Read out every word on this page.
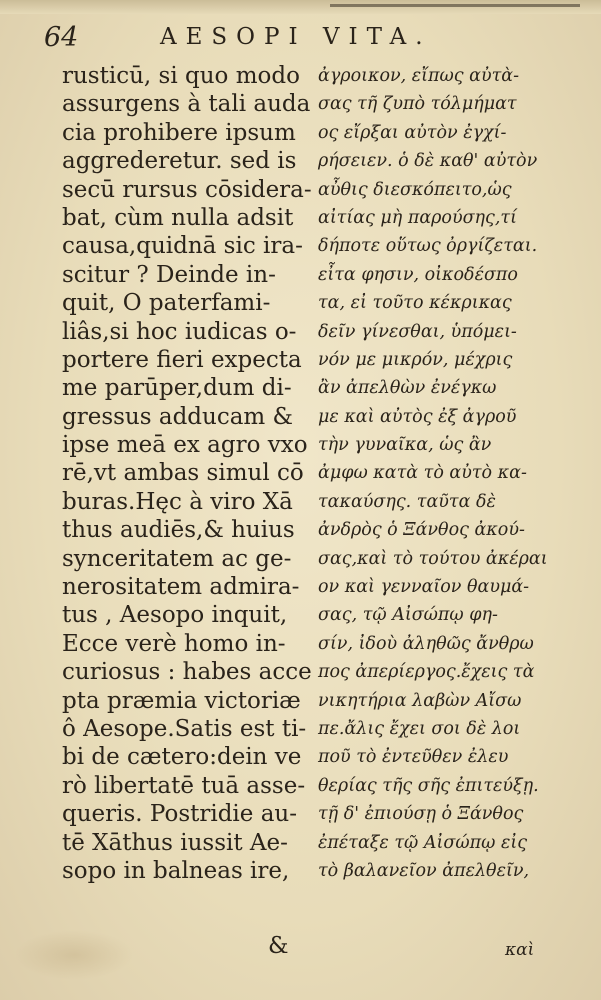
64	AESOPI VITA.
rusticū, si quo modo
assurgens à tali auda
cia prohibere ipsum
aggrederetur. sed is
secū rursus cōsidera-
bat, cùm nulla adsit
causa,quidnā sic ira-
scitur ? Deinde in-
quit, O paterfami-
liâs,si hoc iudicas o-
portere fieri expecta
me parūper,dum di-
gressus adducam &
ipse meā ex agro vxo
rē,vt ambas simul cō
buras.Hęc à viro Xā
thus audiēs,& huius
synceritatem ac ge-
nerositatem admira-
tus , Aesopo inquit,
Ecce verè homo in-
curiosus : habes acce
pta præmia victoriæ
ô Aesope.Satis est ti-
bi de cætero:dein ve
rò libertatē tuā asse-
queris. Postridie au-
tē Xāthus iussit Ae-
sopo in balneas ire,
ἀγροικον, εἴπως αὐτὰ-
σας τῆ ζυπὸ τόλμήματ
ος εἴρξαι αὐτὸν ἐγχί-
ρήσειεν. ὁ δὲ καθ' αὐτὸν
αὖθις διεσκόπειτο,ὡς
αἰτίας μὴ παρούσης,τί
δήποτε οὕτως ὀργίζεται.
εἶτα φησιν, οἰκοδέσπο
τα, εἰ τοῦτο κέκρικας
δεῖν γίνεσθαι, ὑπόμει-
νόν με μικρόν, μέχρις
ἂν ἀπελθὼν ἐνέγκω
με καὶ αὐτὸς ἐξ ἀγροῦ
τὴν γυναῖκα, ὡς ἂν
ἀμφω κατὰ τὸ αὐτὸ κα-
τακαύσης. ταῦτα δὲ
ἀνδρὸς ὁ Ξάνθος ἀκού-
σας,καὶ τὸ τούτου ἀκέραι
ον καὶ γενναῖον θαυμά-
σας, τῷ Αἰσώπῳ φη-
σίν, ἰδοὺ ἀληθῶς ἄνθρω
πος ἀπερίεργος.ἔχεις τὰ
νικητήρια λαβὼν Αἴσω
πε.ἄλις ἔχει σοι δὲ λοι
ποῦ τὸ ἐντεῦθεν ἐλευ
θερίας τῆς σῆς ἐπιτεύξῃ.
τῇ δ' ἐπιούσῃ ὁ Ξάνθος
ἐπέταξε τῷ Αἰσώπῳ εἰς
τὸ βαλανεῖον ἀπελθεῖν,
&	καὶ
